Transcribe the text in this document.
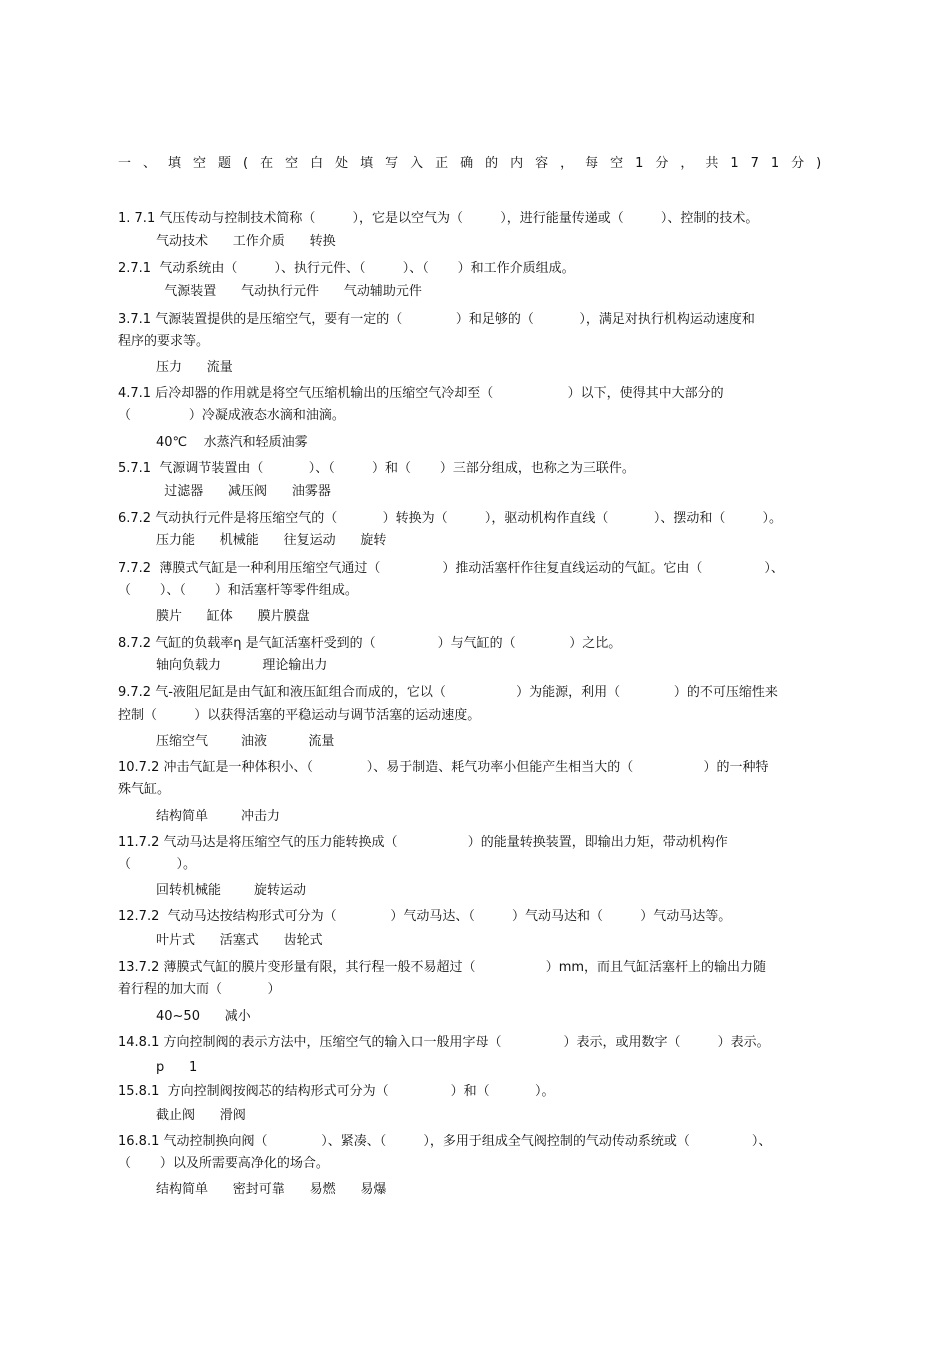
一、填空题(在空白处填写入正确的内容，每空1分，共171分)
1. 7.1 气压传动与控制技术简称（         ），它是以空气为（         ），进行能量传递或（         ）、控制的技术。
气动技术      工作介质      转换
2.7.1  气动系统由（         ）、执行元件、（         ）、（       ）和工作介质组成。
气源装置      气动执行元件      气动辅助元件
3.7.1 气源装置提供的是压缩空气，要有一定的（             ）和足够的（           ），满足对执行机构运动速度和
程序的要求等。
压力      流量
4.7.1 后冷却器的作用就是将空气压缩机输出的压缩空气冷却至（                  ）以下，使得其中大部分的
（              ）冷凝成液态水滴和油滴。
40℃    水蒸汽和轻质油雾
5.7.1  气源调节装置由（           ）、（         ）和（       ）三部分组成，也称之为三联件。
过滤器      减压阀      油雾器
6.7.2 气动执行元件是将压缩空气的（           ）转换为（         ），驱动机构作直线（           ）、摆动和（         ）。
压力能      机械能      往复运动      旋转
7.7.2  薄膜式气缸是一种利用压缩空气通过（               ）推动活塞杆作往复直线运动的气缸。它由（               ）、
（       ）、（       ）和活塞杆等零件组成。
膜片      缸体      膜片膜盘
8.7.2 气缸的负载率η 是气缸活塞杆受到的（               ）与气缸的（             ）之比。
轴向负载力          理论输出力
9.7.2 气-液阻尼缸是由气缸和液压缸组合而成的，它以（                 ）为能源，利用（             ）的不可压缩性来
控制（         ）以获得活塞的平稳运动与调节活塞的运动速度。
压缩空气        油液          流量
10.7.2 冲击气缸是一种体积小、（             ）、易于制造、耗气功率小但能产生相当大的（                 ）的一种特
殊气缸。
结构简单        冲击力
11.7.2 气动马达是将压缩空气的压力能转换成（                 ）的能量转换装置，即输出力矩，带动机构作
（           ）。
回转机械能        旋转运动
12.7.2  气动马达按结构形式可分为（             ）气动马达、（         ）气动马达和（         ）气动马达等。
叶片式      活塞式      齿轮式
13.7.2 薄膜式气缸的膜片变形量有限，其行程一般不易超过（                 ）mm，而且气缸活塞杆上的输出力随
着行程的加大而（           ）
40~50      减小
14.8.1 方向控制阀的表示方法中，压缩空气的输入口一般用字母（               ）表示，或用数字（         ）表示。
p      1
15.8.1  方向控制阀按阀芯的结构形式可分为（               ）和（           ）。
截止阀      滑阀
16.8.1 气动控制换向阀（             ）、紧凑、（         ），多用于组成全气阀控制的气动传动系统或（               ）、
（       ）以及所需要高净化的场合。
结构简单      密封可靠      易燃      易爆
